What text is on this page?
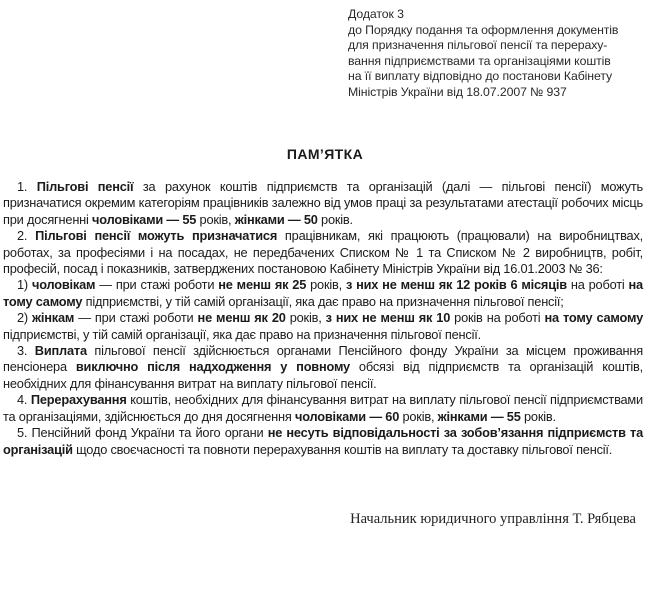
Додаток 3
до Порядку подання та оформлення документів
для призначення пільгової пенсії та перераху-
вання підприємствами та організаціями коштів
на її виплату відповідно до постанови Кабінету
Міністрів України від 18.07.2007 № 937
ПАМ’ЯТКА

1. Пільгові пенсії за рахунок коштів підприємств та організацій (далі — пільгові пенсії) можуть призначатися окремим категоріям працівників залежно від умов праці за результатами атестації робочих місць при досягненні чоловіками — 55 років, жінками — 50 років.

2. Пільгові пенсії можуть призначатися працівникам, які працюють (працювали) на виробництвах, роботах, за професіями і на посадах, не передбачених Списком № 1 та Списком № 2 виробництв, робіт, професій, посад і показників, затверджених постановою Кабінету Міністрів України від 16.01.2003 № 36:

1) чоловікам — при стажі роботи не менш як 25 років, з них не менш як 12 років 6 місяців на роботі на тому самому підприємстві, у тій самій організації, яка дає право на призначення пільгової пенсії;

2) жінкам — при стажі роботи не менш як 20 років, з них не менш як 10 років на роботі на тому самому підприємстві, у тій самій організації, яка дає право на призначення пільгової пенсії.

3. Виплата пільгової пенсії здійснюється органами Пенсійного фонду України за місцем проживання пенсіонера виключно після надходження у повному обсязі від підприємств та організацій коштів, необхідних для фінансування витрат на виплату пільгової пенсії.

4. Перерахування коштів, необхідних для фінансування витрат на виплату пільгової пенсії підприємствами та організаціями, здійснюється до дня досягнення чоловіками — 60 років, жінками — 55 років.

5. Пенсійний фонд України та його органи не несуть відповідальності за зобов’язання підприємств та організацій щодо своєчасності та повноти перерахування коштів на виплату та доставку пільгової пенсії.

Начальник юридичного управління Т. Рябцева
